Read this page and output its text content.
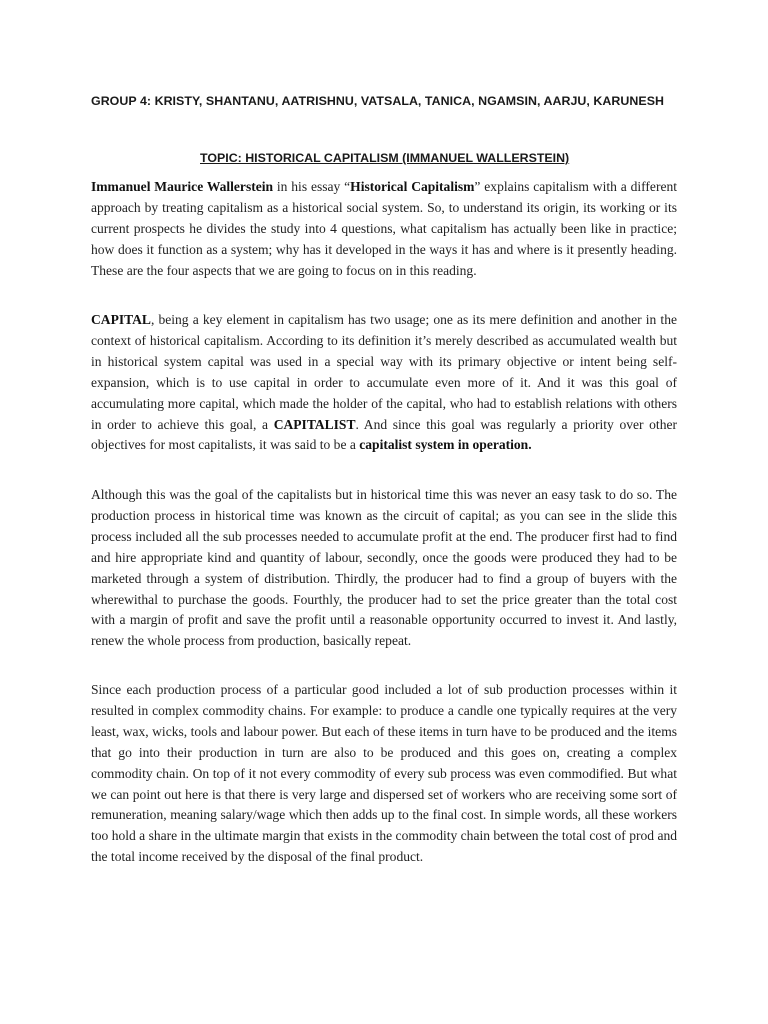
GROUP 4: KRISTY, SHANTANU, AATRISHNU, VATSALA, TANICA, NGAMSIN, AARJU, KARUNESH
TOPIC: HISTORICAL CAPITALISM (IMMANUEL WALLERSTEIN)

Immanuel Maurice Wallerstein in his essay “Historical Capitalism” explains capitalism with a different approach by treating capitalism as a historical social system. So, to understand its origin, its working or its current prospects he divides the study into 4 questions, what capitalism has actually been like in practice; how does it function as a system; why has it developed in the ways it has and where is it presently heading. These are the four aspects that we are going to focus on in this reading.

CAPITAL, being a key element in capitalism has two usage; one as its mere definition and another in the context of historical capitalism. According to its definition it’s merely described as accumulated wealth but in historical system capital was used in a special way with its primary objective or intent being self-expansion, which is to use capital in order to accumulate even more of it. And it was this goal of accumulating more capital, which made the holder of the capital, who had to establish relations with others in order to achieve this goal, a CAPITALIST. And since this goal was regularly a priority over other objectives for most capitalists, it was said to be a capitalist system in operation.

Although this was the goal of the capitalists but in historical time this was never an easy task to do so. The production process in historical time was known as the circuit of capital; as you can see in the slide this process included all the sub processes needed to accumulate profit at the end. The producer first had to find and hire appropriate kind and quantity of labour, secondly, once the goods were produced they had to be marketed through a system of distribution. Thirdly, the producer had to find a group of buyers with the wherewithal to purchase the goods. Fourthly, the producer had to set the price greater than the total cost with a margin of profit and save the profit until a reasonable opportunity occurred to invest it. And lastly, renew the whole process from production, basically repeat.

Since each production process of a particular good included a lot of sub production processes within it resulted in complex commodity chains. For example: to produce a candle one typically requires at the very least, wax, wicks, tools and labour power. But each of these items in turn have to be produced and the items that go into their production in turn are also to be produced and this goes on, creating a complex commodity chain. On top of it not every commodity of every sub process was even commodified. But what we can point out here is that there is very large and dispersed set of workers who are receiving some sort of remuneration, meaning salary/wage which then adds up to the final cost. In simple words, all these workers too hold a share in the ultimate margin that exists in the commodity chain between the total cost of prod and the total income received by the disposal of the final product.
